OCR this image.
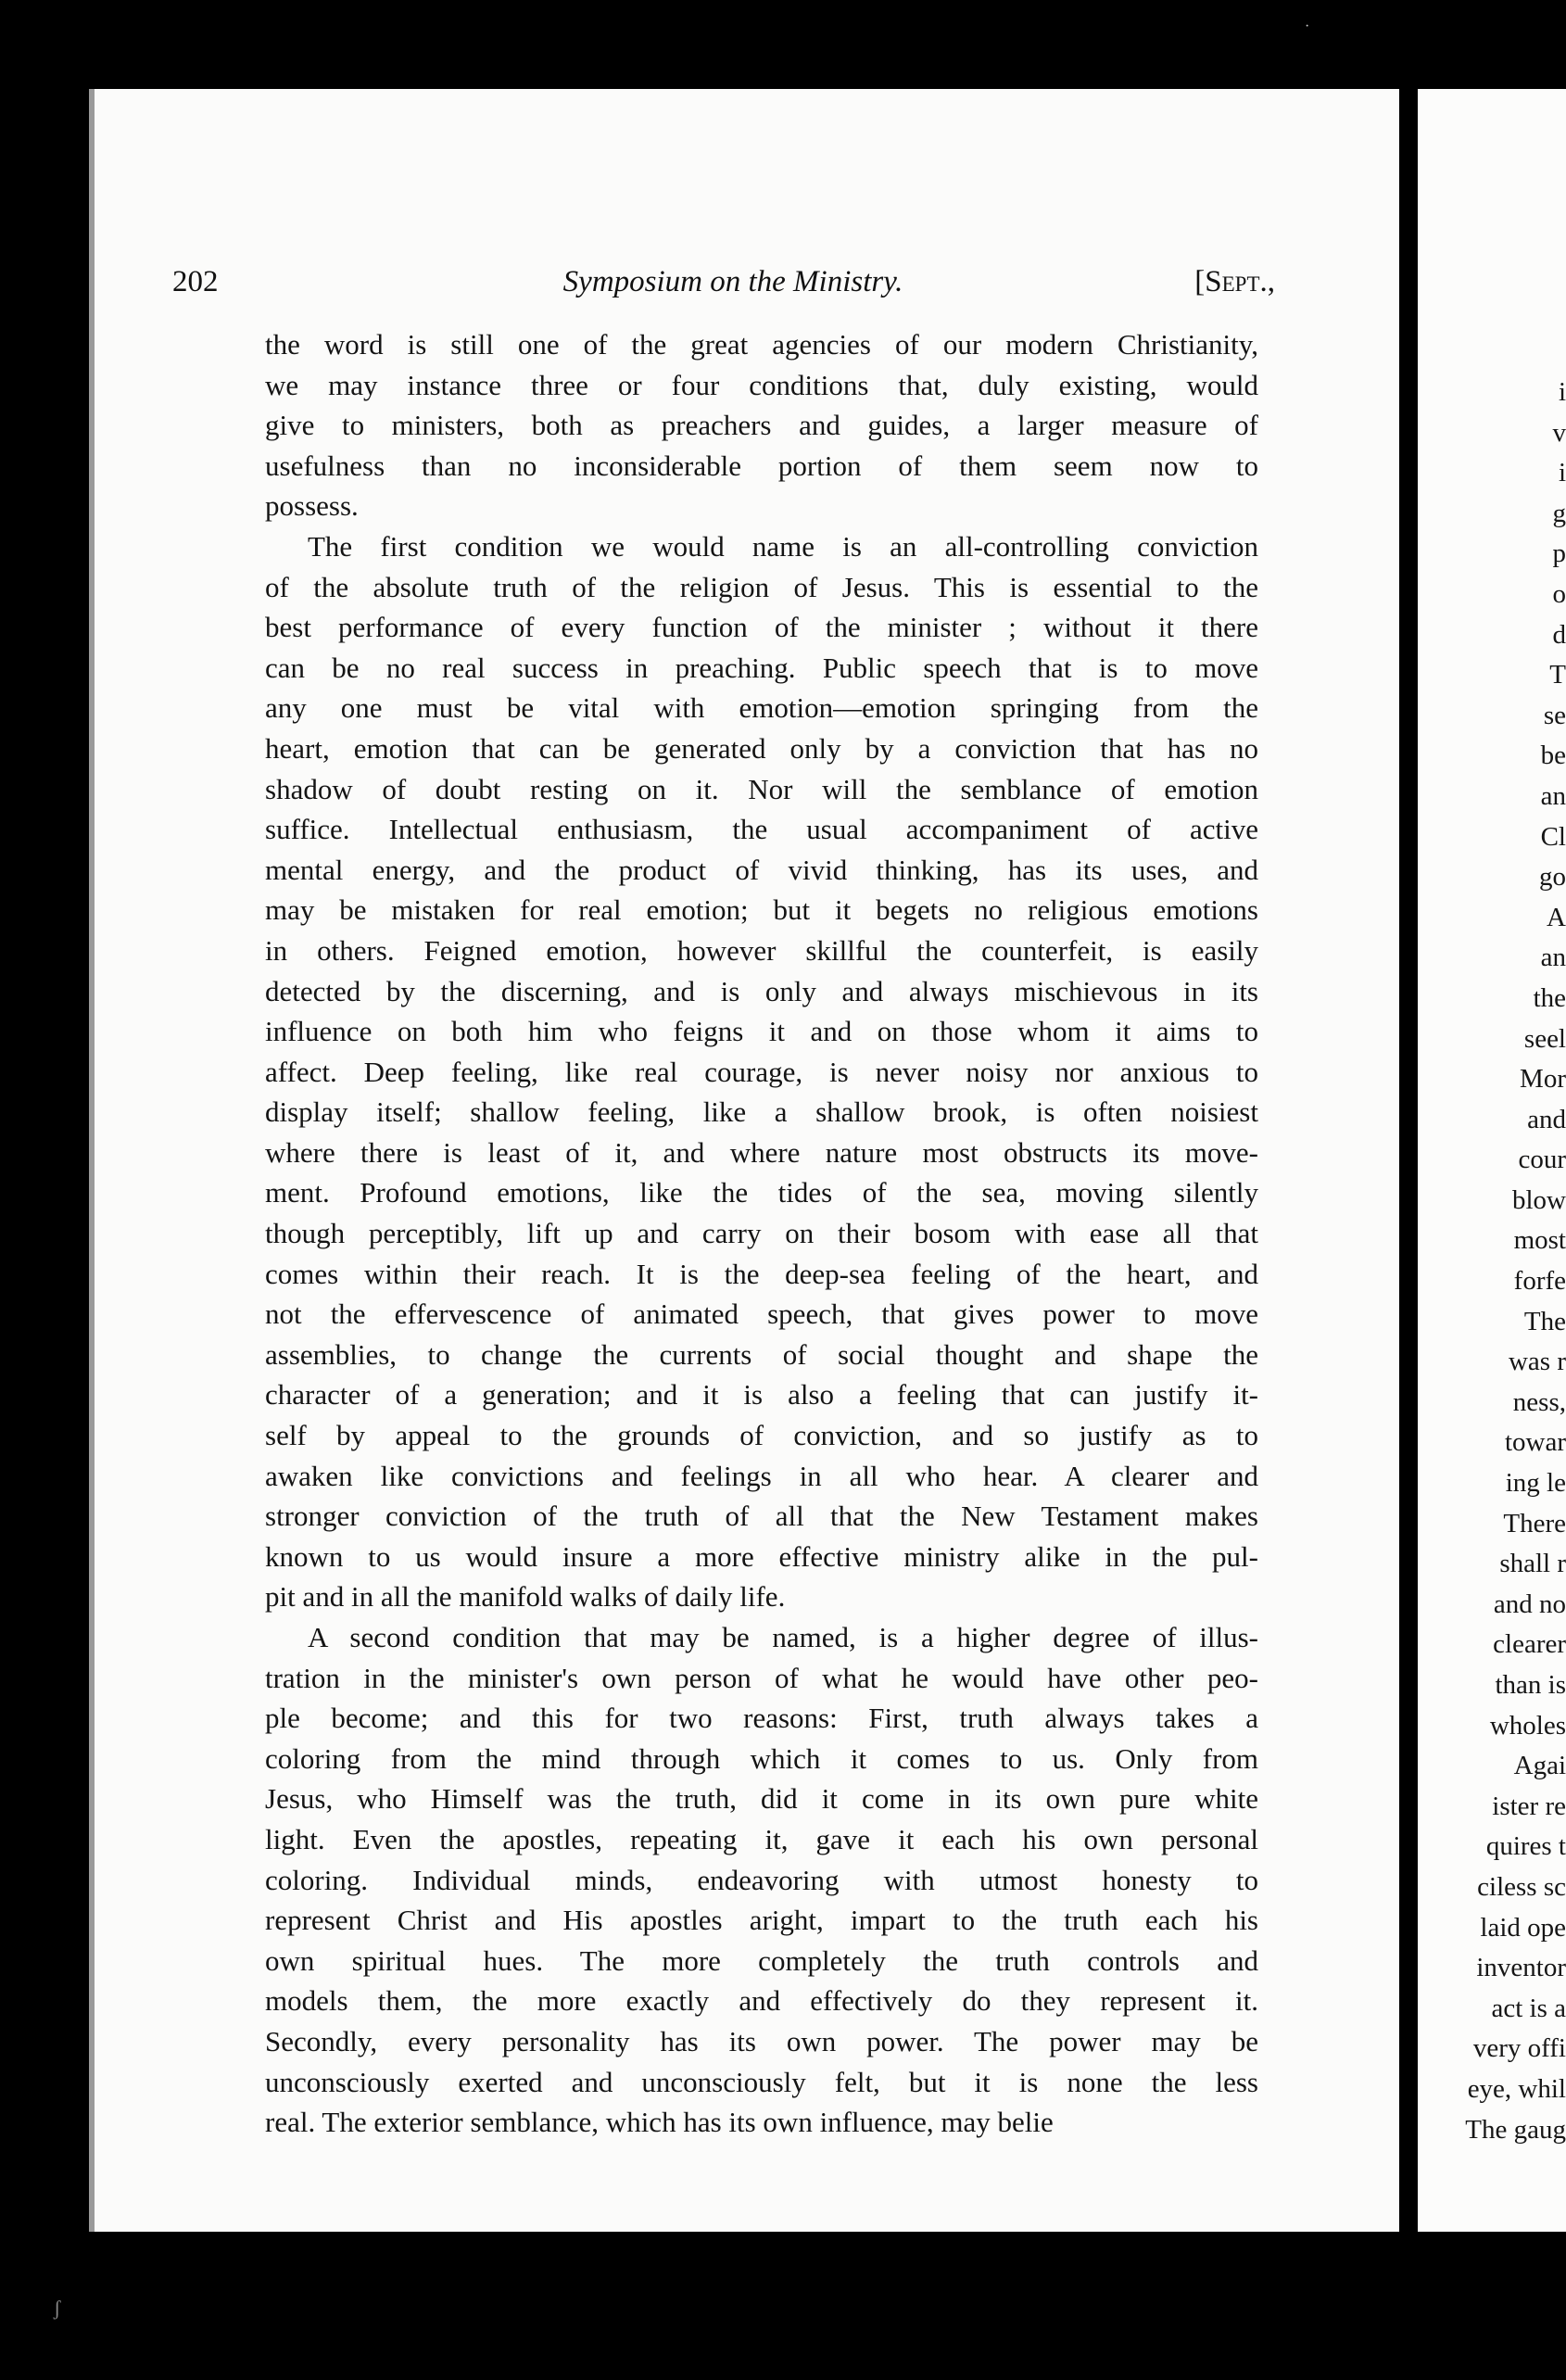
202	Symposium on the Ministry.	[Sept.,
the word is still one of the great agencies of our modern Christianity,
we may instance three or four conditions that, duly existing, would
give to ministers, both as preachers and guides, a larger measure of
usefulness than no inconsiderable portion of them seem now to
possess.
The first condition we would name is an all-controlling conviction
of the absolute truth of the religion of Jesus. This is essential to the
best performance of every function of the minister ; without it there
can be no real success in preaching. Public speech that is to move
any one must be vital with emotion—emotion springing from the
heart, emotion that can be generated only by a conviction that has no
shadow of doubt resting on it. Nor will the semblance of emotion
suffice. Intellectual enthusiasm, the usual accompaniment of active
mental energy, and the product of vivid thinking, has its uses, and
may be mistaken for real emotion; but it begets no religious emotions
in others. Feigned emotion, however skillful the counterfeit, is easily
detected by the discerning, and is only and always mischievous in its
influence on both him who feigns it and on those whom it aims to
affect. Deep feeling, like real courage, is never noisy nor anxious to
display itself; shallow feeling, like a shallow brook, is often noisiest
where there is least of it, and where nature most obstructs its move-
ment. Profound emotions, like the tides of the sea, moving silently
though perceptibly, lift up and carry on their bosom with ease all that
comes within their reach. It is the deep-sea feeling of the heart, and
not the effervescence of animated speech, that gives power to move
assemblies, to change the currents of social thought and shape the
character of a generation; and it is also a feeling that can justify it-
self by appeal to the grounds of conviction, and so justify as to
awaken like convictions and feelings in all who hear. A clearer and
stronger conviction of the truth of all that the New Testament makes
known to us would insure a more effective ministry alike in the pul-
pit and in all the manifold walks of daily life.
A second condition that may be named, is a higher degree of illus-
tration in the minister's own person of what he would have other peo-
ple become; and this for two reasons: First, truth always takes a
coloring from the mind through which it comes to us. Only from
Jesus, who Himself was the truth, did it come in its own pure white
light. Even the apostles, repeating it, gave it each his own personal
coloring. Individual minds, endeavoring with utmost honesty to
represent Christ and His apostles aright, impart to the truth each his
own spiritual hues. The more completely the truth controls and
models them, the more exactly and effectively do they represent it.
Secondly, every personality has its own power. The power may be
unconsciously exerted and unconsciously felt, but it is none the less
real. The exterior semblance, which has its own influence, may belie
i
v
i
g
p
o
d
T
se
be
an
Cl
go
A
an
the
seel
Mor
and
cour
blow
most
forfe
The
was r
ness,
towar
ing le
There
shall r
and no
clearer
than is
wholes
Agai
ister re
quires t
ciless sc
laid ope
inventor
act is a
very offi
eye, whil
The gaug
·
ʃ
